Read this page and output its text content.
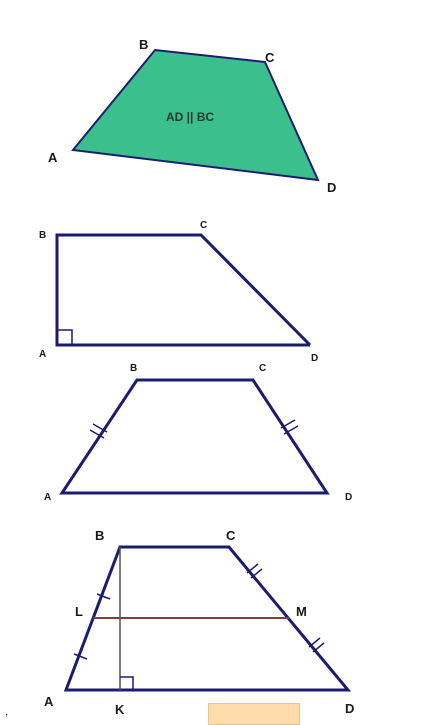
A
B
C
D
AD || BC
A
B
C
D
A
B	C
D
A
B	C
D
K
L	M
,
